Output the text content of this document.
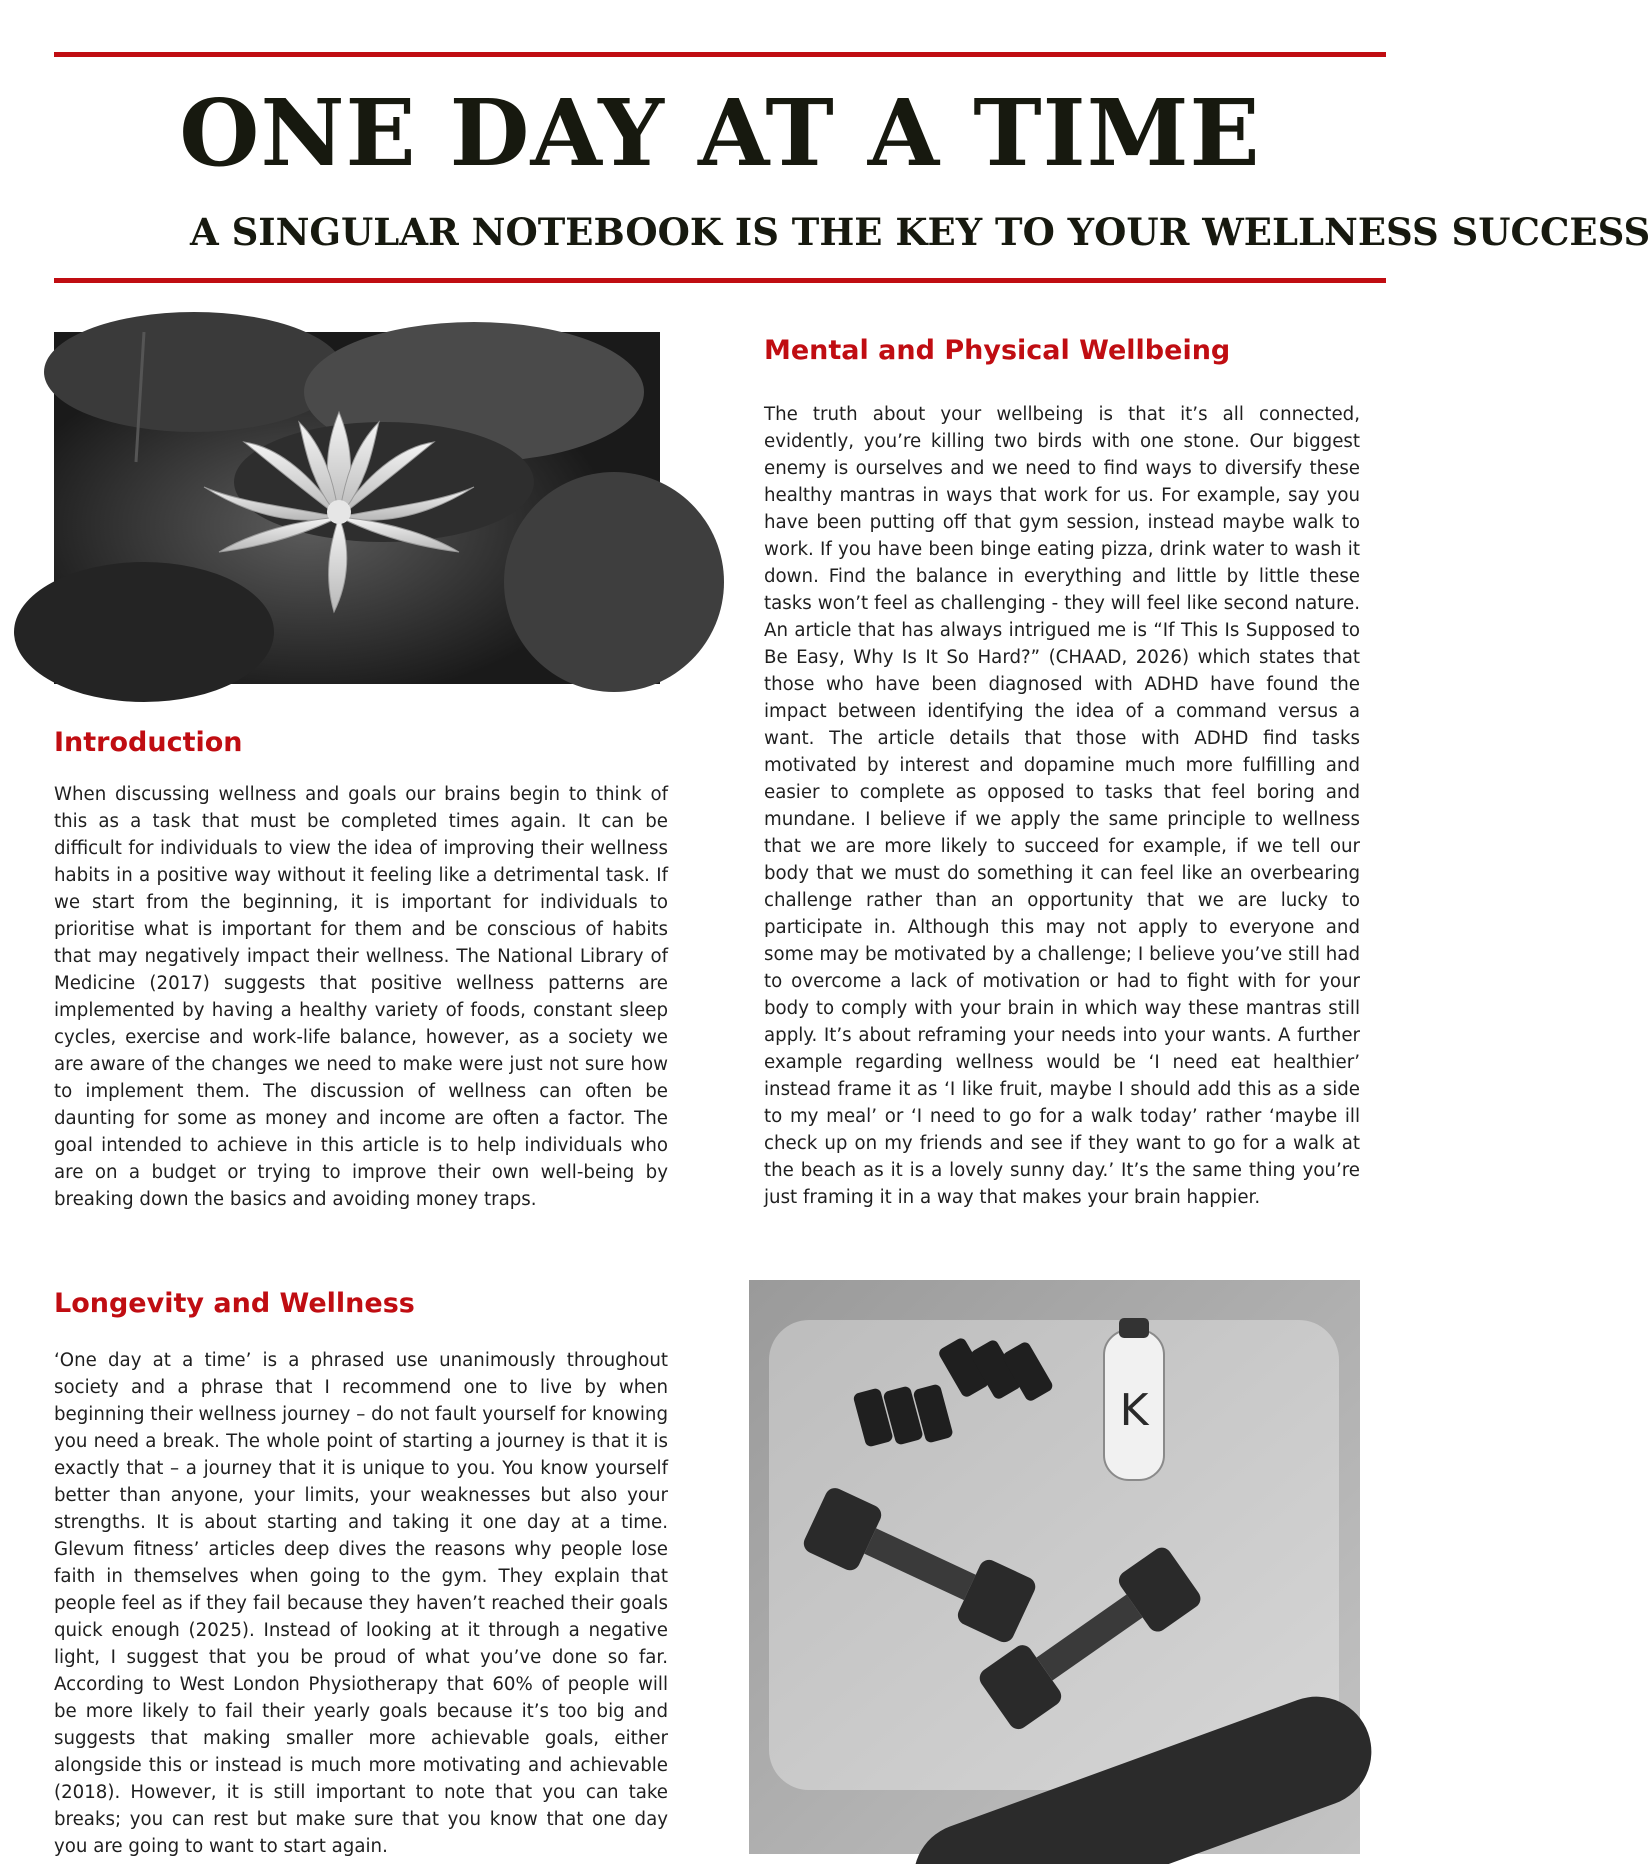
ONE DAY AT A TIME
A SINGULAR NOTEBOOK IS THE KEY TO YOUR WELLNESS SUCCESS
K
Mental and Physical Wellbeing

The truth about your wellbeing is that it’s all connected, evidently, you’re killing two birds with one stone. Our biggest enemy is ourselves and we need to find ways to diversify these healthy mantras in ways that work for us. For example, say you have been putting off that gym session, instead maybe walk to work. If you have been binge eating pizza, drink water to wash it down. Find the balance in everything and little by little these tasks won’t feel as challenging - they will feel like second nature. An article that has always intrigued me is “If This Is Supposed to Be Easy, Why Is It So Hard?” (CHAAD, 2026) which states that those who have been diagnosed with ADHD have found the impact between identifying the idea of a command versus a want. The article details that those with ADHD find tasks motivated by interest and dopamine much more fulfilling and easier to complete as opposed to tasks that feel boring and mundane. I believe if we apply the same principle to wellness that we are more likely to succeed for example, if we tell our body that we must do something it can feel like an overbearing challenge rather than an opportunity that we are lucky to participate in. Although this may not apply to everyone and some may be motivated by a challenge; I believe you’ve still had to overcome a lack of motivation or had to fight with for your body to comply with your brain in which way these mantras still apply. It’s about reframing your needs into your wants. A further example regarding wellness would be ‘I need eat healthier’ instead frame it as ‘I like fruit, maybe I should add this as a side to my meal’ or ‘I need to go for a walk today’ rather ‘maybe ill check up on my friends and see if they want to go for a walk at the beach as it is a lovely sunny day.’ It’s the same thing you’re just framing it in a way that makes your brain happier.

Introduction

When discussing wellness and goals our brains begin to think of this as a task that must be completed times again. It can be difficult for individuals to view the idea of improving their wellness habits in a positive way without it feeling like a detrimental task. If we start from the beginning, it is important for individuals to prioritise what is important for them and be conscious of habits that may negatively impact their wellness. The National Library of Medicine (2017) suggests that positive wellness patterns are implemented by having a healthy variety of foods, constant sleep cycles, exercise and work-life balance, however, as a society we are aware of the changes we need to make were just not sure how to implement them. The discussion of wellness can often be daunting for some as money and income are often a factor. The goal intended to achieve in this article is to help individuals who are on a budget or trying to improve their own well-being by breaking down the basics and avoiding money traps.

Longevity and Wellness

‘One day at a time’ is a phrased use unanimously throughout society and a phrase that I recommend one to live by when beginning their wellness journey – do not fault yourself for knowing you need a break. The whole point of starting a journey is that it is exactly that – a journey that it is unique to you. You know yourself better than anyone, your limits, your weaknesses but also your strengths. It is about starting and taking it one day at a time. Glevum fitness’ articles deep dives the reasons why people lose faith in themselves when going to the gym. They explain that people feel as if they fail because they haven’t reached their goals quick enough (2025). Instead of looking at it through a negative light, I suggest that you be proud of what you’ve done so far. According to West London Physiotherapy that 60% of people will be more likely to fail their yearly goals because it’s too big and suggests that making smaller more achievable goals, either alongside this or instead is much more motivating and achievable (2018). However, it is still important to note that you can take breaks; you can rest but make sure that you know that one day you are going to want to start again.
